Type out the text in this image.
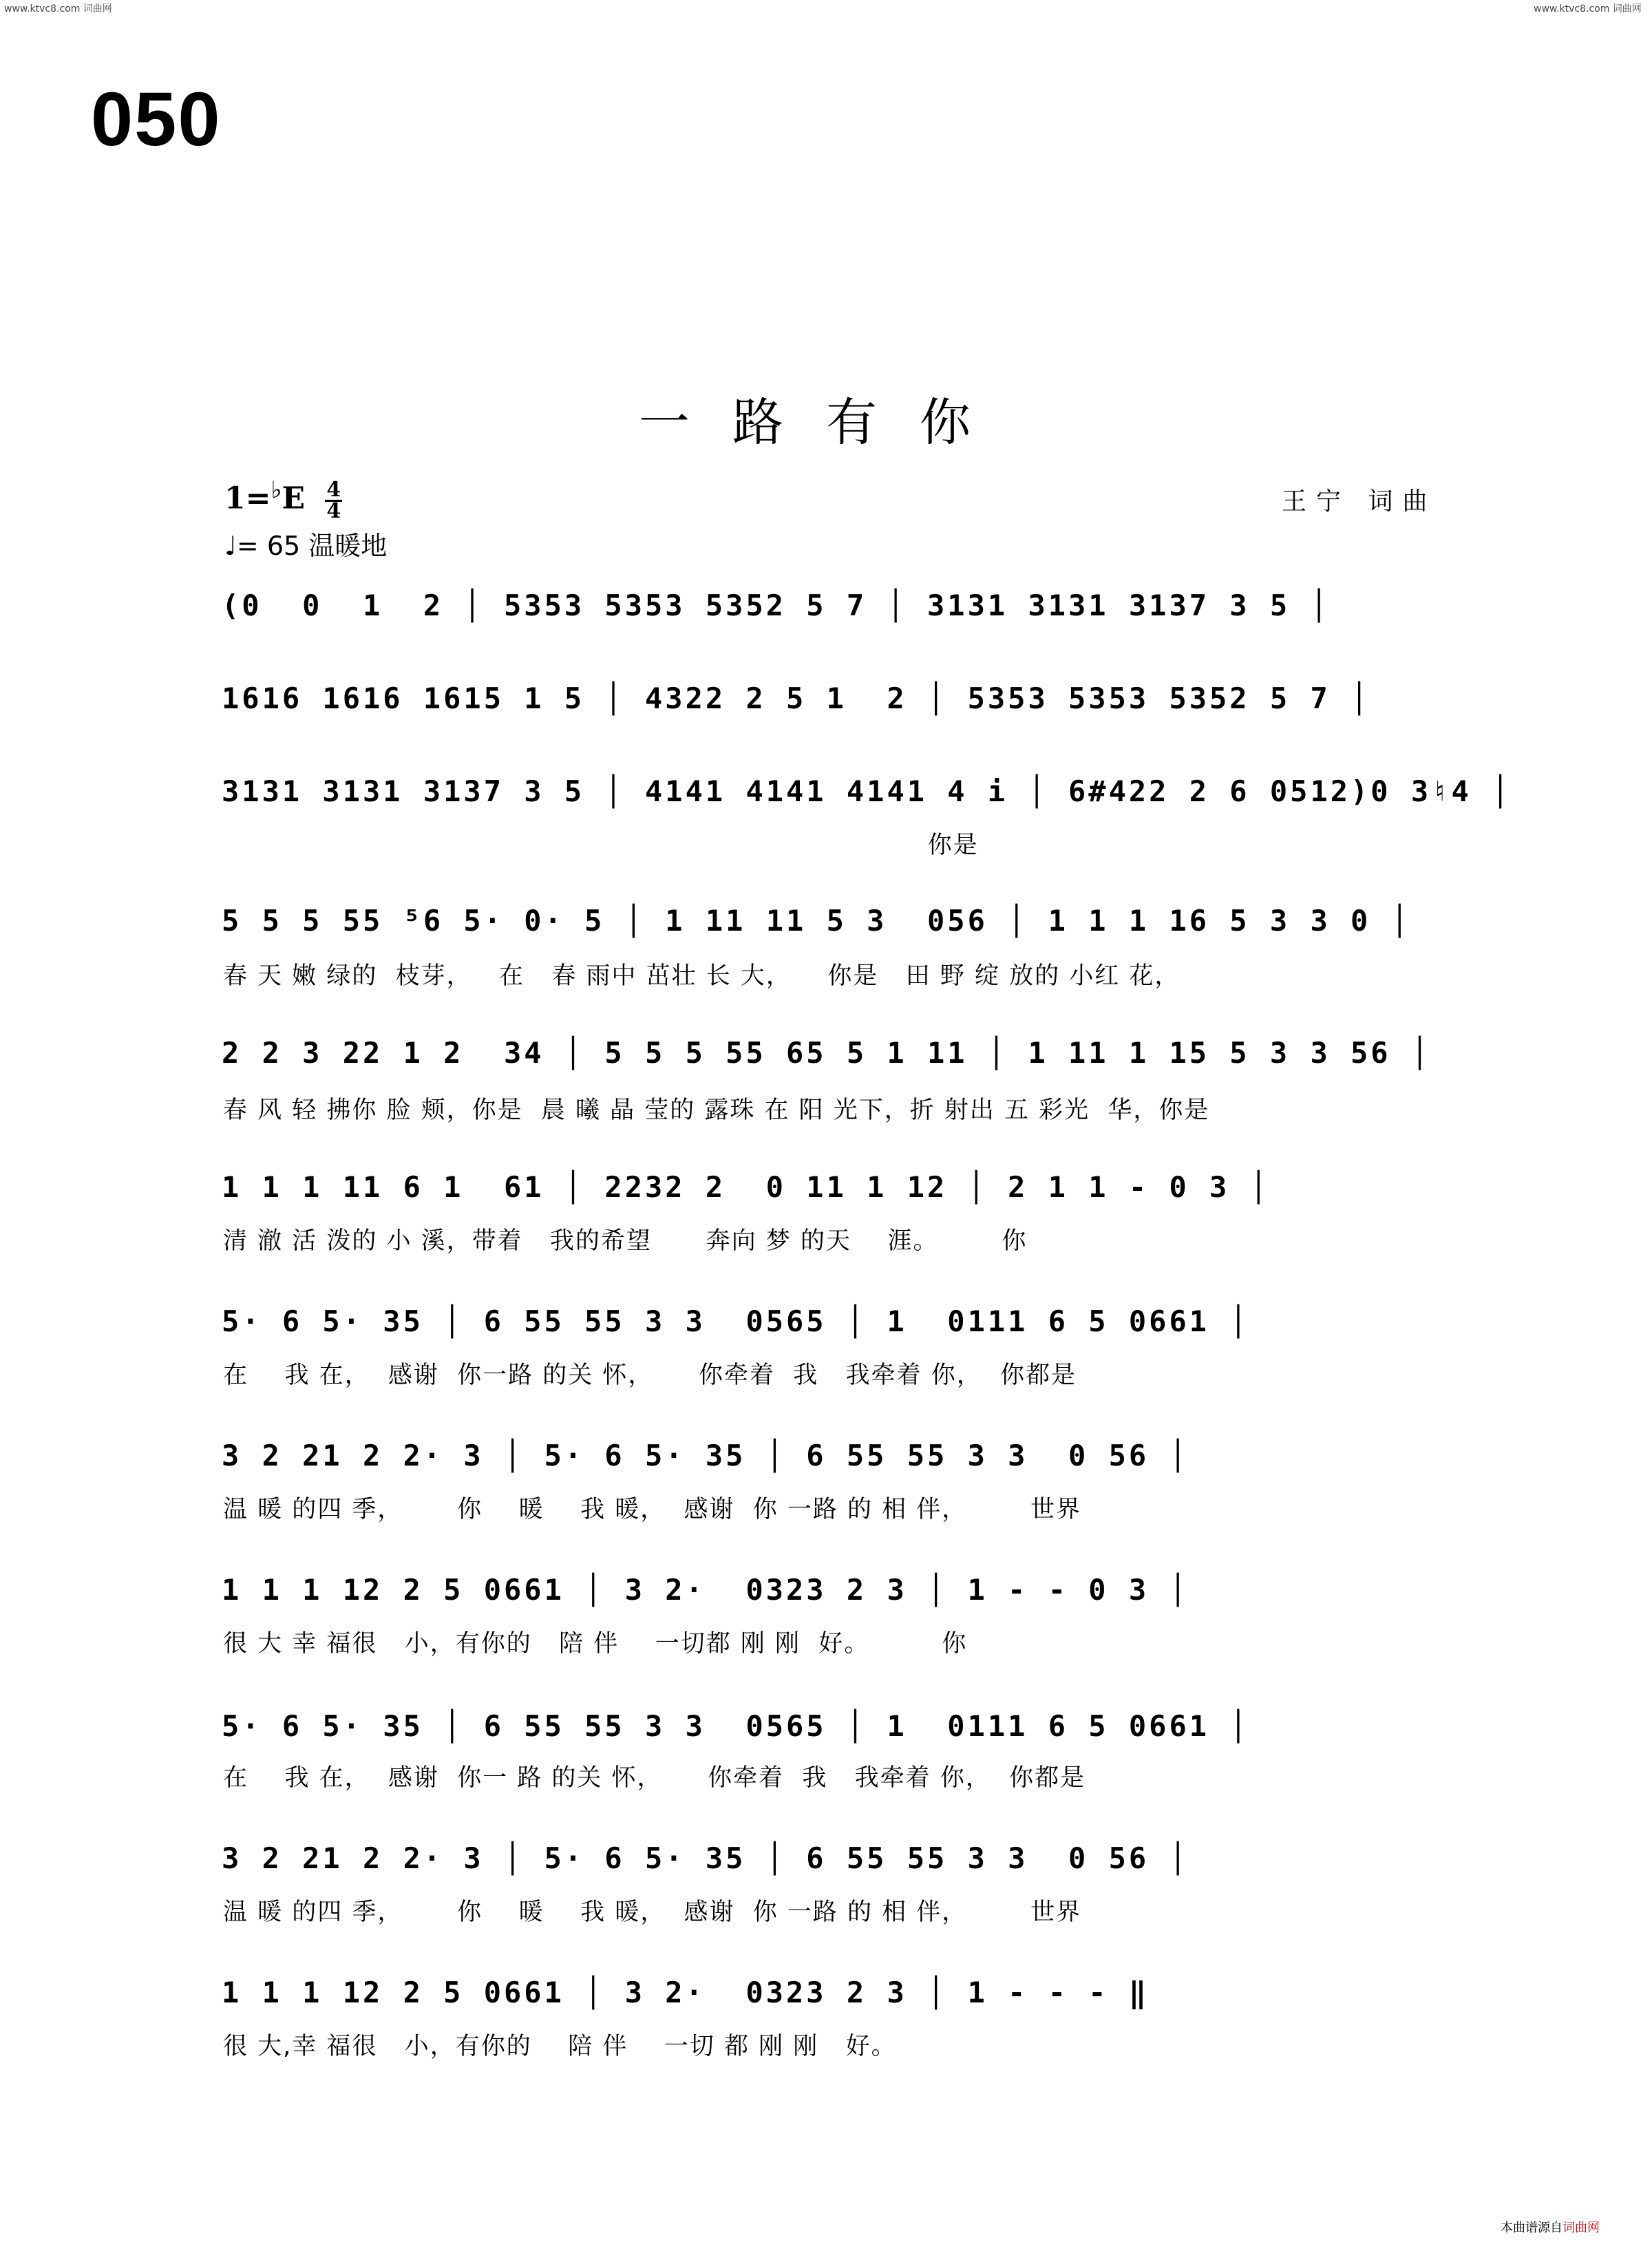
www.ktvc8.com 词曲网	www.ktvc8.com 词曲网
050
一路有你
$1=^♭E \frac{4}{4}$
♩= 65 温暖地
王宁 词曲
(0  0  1  2 │ 5353 5353 5352 5 7 │ 3131 3131 3137 3 5 │
1616 1616 1615 1 5 │ 4322 2 5 1  2 │ 5353 5353 5352 5 7 │
3131 3131 3137 3 5 │ 4141 4141 4141 4 i │ 6#422 2 6 0512)0 3♮4 │
你是
5 5 5 55 ⁵6 5· 0· 5 │ 1 11 11 5 3  056 │ 1 1 1 16 5 3 3 0 │
春 天 嫩 绿的  枝芽，   在   春 雨中 茁壮 长 大，    你是   田 野 绽 放的 小红 花，
2 2 3 22 1 2  34 │ 5 5 5 55 65 5 1 11 │ 1 11 1 15 5 3 3 56 │
春 风 轻 拂你 脸 颊，你是  晨 曦 晶 莹的 露珠 在 阳 光下，折 射出 五 彩光  华，你是
1 1 1 11 6 1  61 │ 2232 2  0 11 1 12 │ 2 1 1 - 0 3 │
清 澈 活 泼的 小 溪，带着   我的希望      奔向 梦 的天    涯。       你
5· 6 5· 35 │ 6 55 55 3 3  0565 │ 1  0111 6 5 0661 │
在    我 在，  感谢  你一路 的关 怀，     你牵着  我   我牵着 你，  你都是
3 2 21 2 2· 3 │ 5· 6 5· 35 │ 6 55 55 3 3  0 56 │
温 暖 的四 季，      你    暖    我 暖，  感谢  你 一路 的 相 伴，       世界
1 1 1 12 2 5 0661 │ 3 2·  0323 2 3 │ 1 - - 0 3 │
很 大 幸 福很   小，有你的   陪 伴    一切都 刚 刚  好。        你
5· 6 5· 35 │ 6 55 55 3 3  0565 │ 1  0111 6 5 0661 │
在    我 在，  感谢  你一 路 的关 怀，     你牵着  我   我牵着 你，  你都是
3 2 21 2 2· 3 │ 5· 6 5· 35 │ 6 55 55 3 3  0 56 │
温 暖 的四 季，      你    暖    我 暖，  感谢  你 一路 的 相 伴，       世界
1 1 1 12 2 5 0661 │ 3 2·  0323 2 3 │ 1 - - - ‖
很 大,幸 福很   小，有你的    陪 伴    一切 都 刚 刚   好。
本曲谱源自词曲网
